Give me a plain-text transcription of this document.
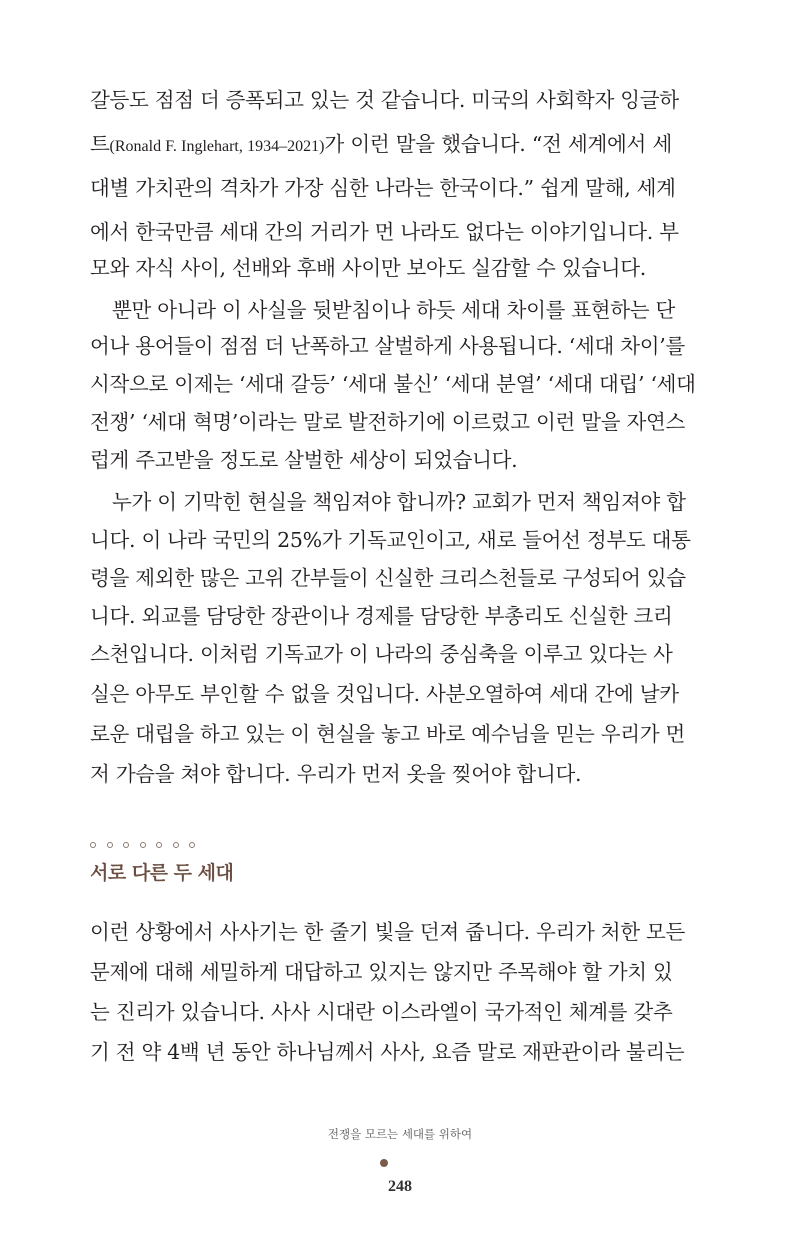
갈등도 점점 더 증폭되고 있는 것 같습니다. 미국의 사회학자 잉글하
트(Ronald F. Inglehart, 1934–2021)가 이런 말을 했습니다. “전 세계에서 세
대별 가치관의 격차가 가장 심한 나라는 한국이다.” 쉽게 말해, 세계
에서 한국만큼 세대 간의 거리가 먼 나라도 없다는 이야기입니다. 부
모와 자식 사이, 선배와 후배 사이만 보아도 실감할 수 있습니다.
뿐만 아니라 이 사실을 뒷받침이나 하듯 세대 차이를 표현하는 단
어나 용어들이 점점 더 난폭하고 살벌하게 사용됩니다. ‘세대 차이’를
시작으로 이제는 ‘세대 갈등’ ‘세대 불신’ ‘세대 분열’ ‘세대 대립’ ‘세대
전쟁’ ‘세대 혁명’이라는 말로 발전하기에 이르렀고 이런 말을 자연스
럽게 주고받을 정도로 살벌한 세상이 되었습니다.
누가 이 기막힌 현실을 책임져야 합니까? 교회가 먼저 책임져야 합
니다. 이 나라 국민의 25%가 기독교인이고, 새로 들어선 정부도 대통
령을 제외한 많은 고위 간부들이 신실한 크리스천들로 구성되어 있습
니다. 외교를 담당한 장관이나 경제를 담당한 부총리도 신실한 크리
스천입니다. 이처럼 기독교가 이 나라의 중심축을 이루고 있다는 사
실은 아무도 부인할 수 없을 것입니다. 사분오열하여 세대 간에 날카
로운 대립을 하고 있는 이 현실을 놓고 바로 예수님을 믿는 우리가 먼
저 가슴을 쳐야 합니다. 우리가 먼저 옷을 찢어야 합니다.
서로 다른 두 세대
이런 상황에서 사사기는 한 줄기 빛을 던져 줍니다. 우리가 처한 모든
문제에 대해 세밀하게 대답하고 있지는 않지만 주목해야 할 가치 있
는 진리가 있습니다. 사사 시대란 이스라엘이 국가적인 체계를 갖추
기 전 약 4백 년 동안 하나님께서 사사, 요즘 말로 재판관이라 불리는
전쟁을 모르는 세대를 위하여
248
